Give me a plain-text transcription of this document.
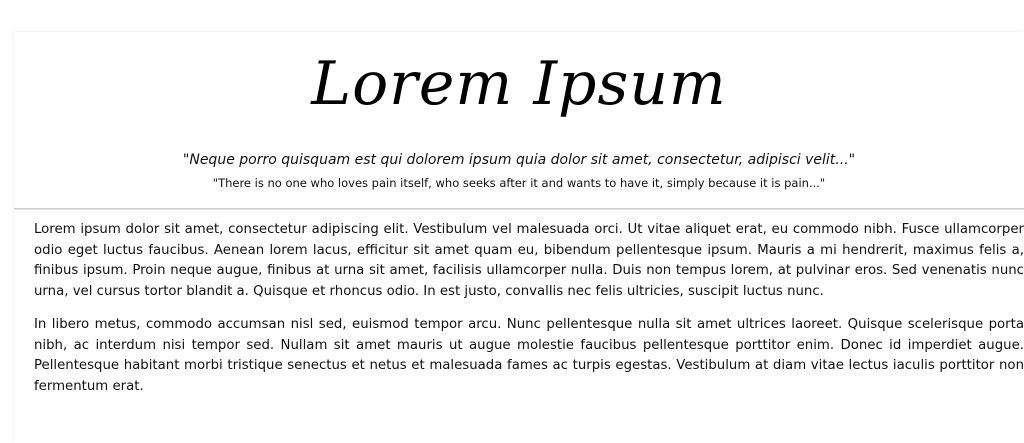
Lorem Ipsum
"Neque porro quisquam est qui dolorem ipsum quia dolor sit amet, consectetur, adipisci velit..."
"There is no one who loves pain itself, who seeks after it and wants to have it, simply because it is pain..."

Lorem ipsum dolor sit amet, consectetur adipiscing elit. Vestibulum vel malesuada orci. Ut vitae aliquet erat, eu commodo nibh. Fusce ullamcorper odio eget luctus faucibus. Aenean lorem lacus, efficitur sit amet quam eu, bibendum pellentesque ipsum. Mauris a mi hendrerit, maximus felis a, finibus ipsum. Proin neque augue, finibus at urna sit amet, facilisis ullamcorper nulla. Duis non tempus lorem, at pulvinar eros. Sed venenatis nunc urna, vel cursus tortor blandit a. Quisque et rhoncus odio. In est justo, convallis nec felis ultricies, suscipit luctus nunc.

In libero metus, commodo accumsan nisl sed, euismod tempor arcu. Nunc pellentesque nulla sit amet ultrices laoreet. Quisque scelerisque porta nibh, ac interdum nisi tempor sed. Nullam sit amet mauris ut augue molestie faucibus pellentesque porttitor enim. Donec id imperdiet augue. Pellentesque habitant morbi tristique senectus et netus et malesuada fames ac turpis egestas. Vestibulum at diam vitae lectus iaculis porttitor non fermentum erat.
